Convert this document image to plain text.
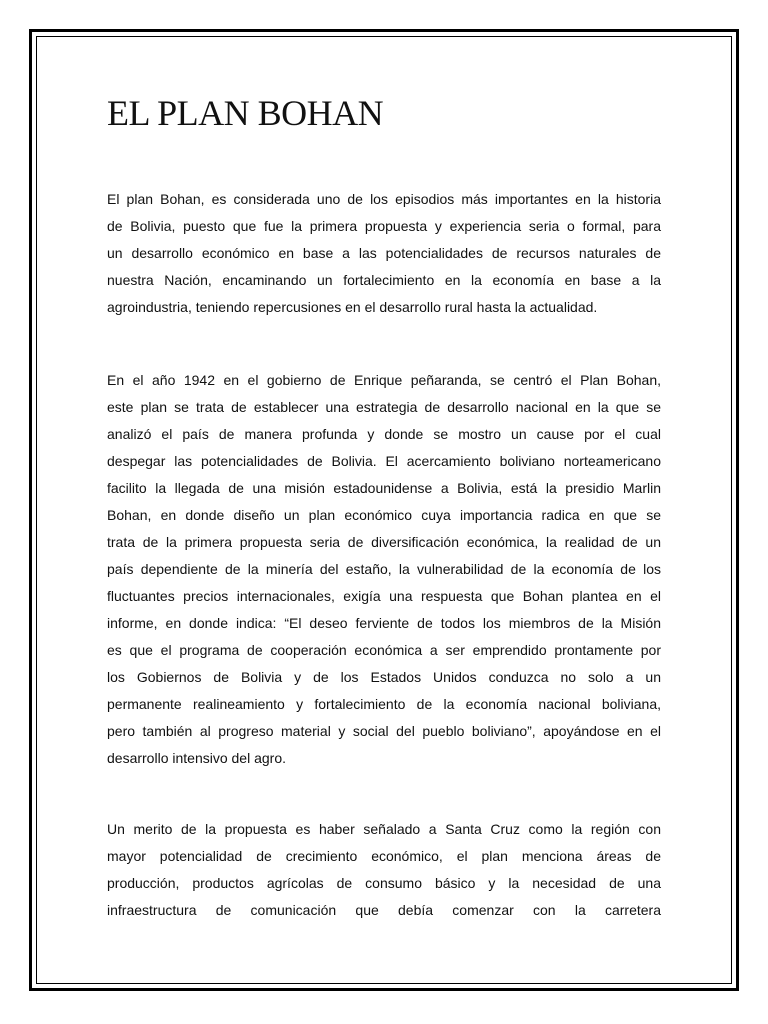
EL PLAN BOHAN
El plan Bohan, es considerada uno de los episodios más importantes en la historia
de Bolivia, puesto que fue la primera propuesta y experiencia seria o formal, para
un desarrollo económico en base a las potencialidades de recursos naturales de
nuestra Nación, encaminando un fortalecimiento en la economía en base a la
agroindustria, teniendo repercusiones en el desarrollo rural hasta la actualidad.
En el año 1942 en el gobierno de Enrique peñaranda, se centró el Plan Bohan,
este plan se trata de establecer una estrategia de desarrollo nacional en la que se
analizó el país de manera profunda y donde se mostro un cause por el cual
despegar las potencialidades de Bolivia. El acercamiento boliviano norteamericano
facilito la llegada de una misión estadounidense a Bolivia, está la presidio Marlin
Bohan, en donde diseño un plan económico cuya importancia radica en que se
trata de la primera propuesta seria de diversificación económica, la realidad de un
país dependiente de la minería del estaño, la vulnerabilidad de la economía de los
fluctuantes precios internacionales, exigía una respuesta que Bohan plantea en el
informe, en donde indica: “El deseo ferviente de todos los miembros de la Misión
es que el programa de cooperación económica a ser emprendido prontamente por
los Gobiernos de Bolivia y de los Estados Unidos conduzca no solo a un
permanente realineamiento y fortalecimiento de la economía nacional boliviana,
pero también al progreso material y social del pueblo boliviano”, apoyándose en el
desarrollo intensivo del agro.
Un merito de la propuesta es haber señalado a Santa Cruz como la región con
mayor potencialidad de crecimiento económico, el plan menciona áreas de
producción, productos agrícolas de consumo básico y la necesidad de una
infraestructura de comunicación que debía comenzar con la carretera
